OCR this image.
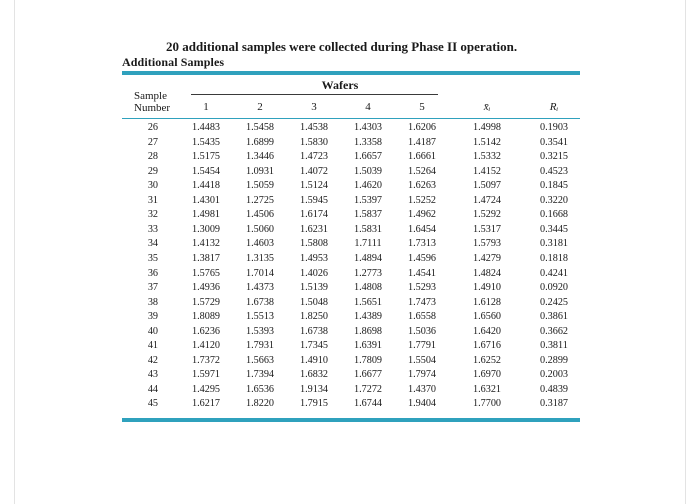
20 additional samples were collected during Phase II operation.
Additional Samples
Wafers
Sample
Number	1	2	3	4	5	x̄ᵢ	Rᵢ
26	1.4483	1.5458	1.4538	1.4303	1.6206	1.4998	0.1903
27	1.5435	1.6899	1.5830	1.3358	1.4187	1.5142	0.3541
28	1.5175	1.3446	1.4723	1.6657	1.6661	1.5332	0.3215
29	1.5454	1.0931	1.4072	1.5039	1.5264	1.4152	0.4523
30	1.4418	1.5059	1.5124	1.4620	1.6263	1.5097	0.1845
31	1.4301	1.2725	1.5945	1.5397	1.5252	1.4724	0.3220
32	1.4981	1.4506	1.6174	1.5837	1.4962	1.5292	0.1668
33	1.3009	1.5060	1.6231	1.5831	1.6454	1.5317	0.3445
34	1.4132	1.4603	1.5808	1.7111	1.7313	1.5793	0.3181
35	1.3817	1.3135	1.4953	1.4894	1.4596	1.4279	0.1818
36	1.5765	1.7014	1.4026	1.2773	1.4541	1.4824	0.4241
37	1.4936	1.4373	1.5139	1.4808	1.5293	1.4910	0.0920
38	1.5729	1.6738	1.5048	1.5651	1.7473	1.6128	0.2425
39	1.8089	1.5513	1.8250	1.4389	1.6558	1.6560	0.3861
40	1.6236	1.5393	1.6738	1.8698	1.5036	1.6420	0.3662
41	1.4120	1.7931	1.7345	1.6391	1.7791	1.6716	0.3811
42	1.7372	1.5663	1.4910	1.7809	1.5504	1.6252	0.2899
43	1.5971	1.7394	1.6832	1.6677	1.7974	1.6970	0.2003
44	1.4295	1.6536	1.9134	1.7272	1.4370	1.6321	0.4839
45	1.6217	1.8220	1.7915	1.6744	1.9404	1.7700	0.3187
